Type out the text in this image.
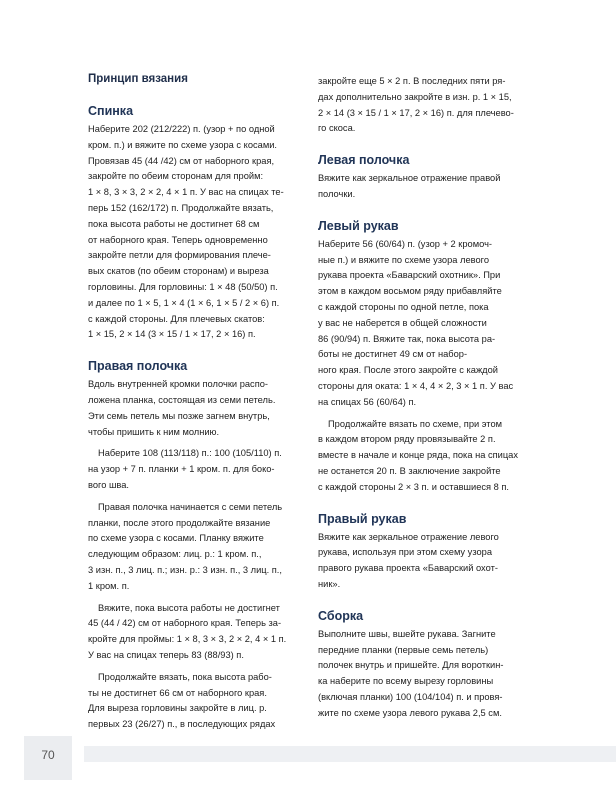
Принцип вязания
Спинка
Наберите 202 (212/222) п. (узор + по одной
кром. п.) и вяжите по схеме узора с косами.
Провязав 45 (44 /42) см от наборного края,
закройте по обеим сторонам для пройм:
1 × 8, 3 × 3, 2 × 2, 4 × 1 п. У вас на спицах те-
перь 152 (162/172) п. Продолжайте вязать,
пока высота работы не достигнет 68 см
от наборного края. Теперь одновременно
закройте петли для формирования плече-
вых скатов (по обеим сторонам) и выреза
горловины. Для горловины: 1 × 48 (50/50) п.
и далее по 1 × 5, 1 × 4 (1 × 6, 1 × 5 / 2 × 6) п.
с каждой стороны. Для плечевых скатов:
1 × 15, 2 × 14 (3 × 15 / 1 × 17, 2 × 16) п.
Правая полочка
Вдоль внутренней кромки полочки распо-
ложена планка, состоящая из семи петель.
Эти семь петель мы позже загнем внутрь,
чтобы пришить к ним молнию.
Наберите 108 (113/118) п.: 100 (105/110) п.
на узор + 7 п. планки + 1 кром. п. для боко-
вого шва.
Правая полочка начинается с семи петель
планки, после этого продолжайте вязание
по схеме узора с косами. Планку вяжите
следующим образом: лиц. р.: 1 кром. п.,
3 изн. п., 3 лиц. п.; изн. р.: 3 изн. п., 3 лиц. п.,
1 кром. п.
Вяжите, пока высота работы не достигнет
45 (44 / 42) см от наборного края. Теперь за-
кройте для проймы: 1 × 8, 3 × 3, 2 × 2, 4 × 1 п.
У вас на спицах теперь 83 (88/93) п.
Продолжайте вязать, пока высота рабо-
ты не достигнет 66 см от наборного края.
Для выреза горловины закройте в лиц. р.
первых 23 (26/27) п., в последующих рядах
закройте еще 5 × 2 п. В последних пяти ря-
дах дополнительно закройте в изн. р. 1 × 15,
2 × 14 (3 × 15 / 1 × 17, 2 × 16) п. для плечево-
го скоса.
Левая полочка
Вяжите как зеркальное отражение правой
полочки.
Левый рукав
Наберите 56 (60/64) п. (узор + 2 кромоч-
ные п.) и вяжите по схеме узора левого
рукава проекта «Баварский охотник». При
этом в каждом восьмом ряду прибавляйте
с каждой стороны по одной петле, пока
у вас не наберется в общей сложности
86 (90/94) п. Вяжите так, пока высота ра-
боты не достигнет 49 см от набор-
ного края. После этого закройте с каждой
стороны для оката: 1 × 4, 4 × 2, 3 × 1 п. У вас
на спицах 56 (60/64) п.
Продолжайте вязать по схеме, при этом
в каждом втором ряду провязывайте 2 п.
вместе в начале и конце ряда, пока на спицах
не останется 20 п. В заключение закройте
с каждой стороны 2 × 3 п. и оставшиеся 8 п.
Правый рукав
Вяжите как зеркальное отражение левого
рукава, используя при этом схему узора
правого рукава проекта «Баварский охот-
ник».
Сборка
Выполните швы, вшейте рукава. Загните
передние планки (первые семь петель)
полочек внутрь и пришейте. Для вороткин-
ка наберите по всему вырезу горловины
(включая планки) 100 (104/104) п. и провя-
жите по схеме узора левого рукава 2,5 см.
70
